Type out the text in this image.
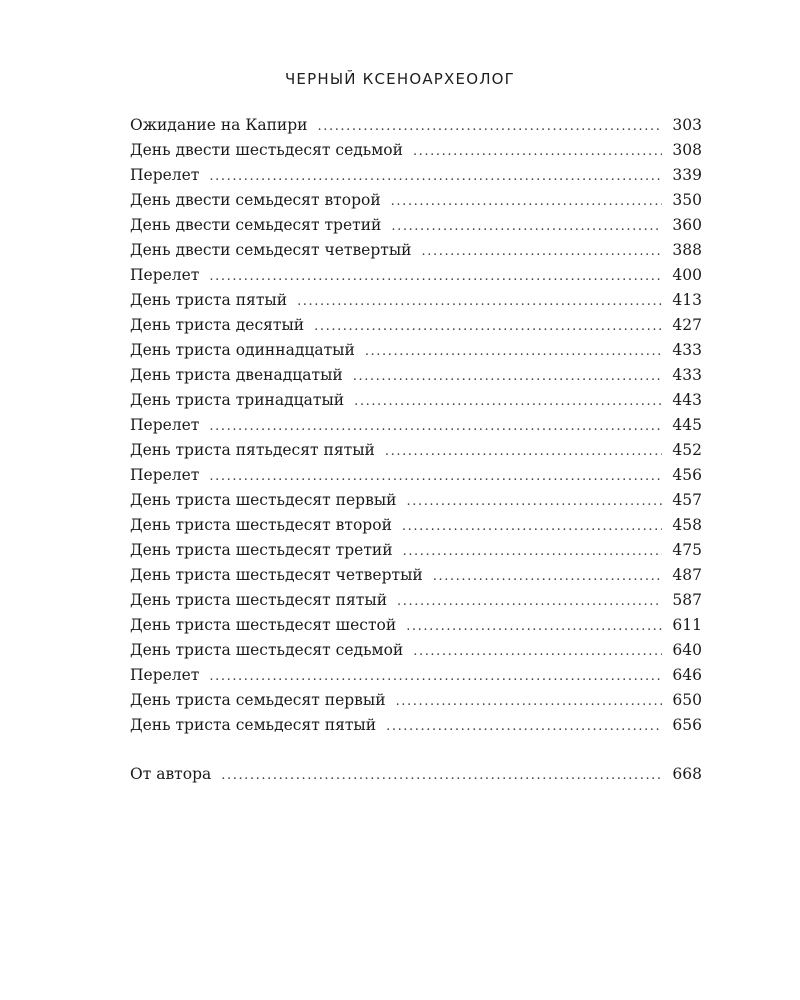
ЧЕРНЫЙ КСЕНОАРХЕОЛОГ
Ожидание на Капири .....	303
День двести шестьдесят седьмой .....	308
Перелет .....	339
День двести семьдесят второй .....	350
День двести семьдесят третий .....	360
День двести семьдесят четвертый .....	388
Перелет .....	400
День триста пятый .....	413
День триста десятый .....	427
День триста одиннадцатый .....	433
День триста двенадцатый .....	433
День триста тринадцатый .....	443
Перелет .....	445
День триста пятьдесят пятый .....	452
Перелет .....	456
День триста шестьдесят первый .....	457
День триста шестьдесят второй .....	458
День триста шестьдесят третий .....	475
День триста шестьдесят четвертый .....	487
День триста шестьдесят пятый .....	587
День триста шестьдесят шестой .....	611
День триста шестьдесят седьмой .....	640
Перелет .....	646
День триста семьдесят первый .....	650
День триста семьдесят пятый .....	656
От автора .....	668
